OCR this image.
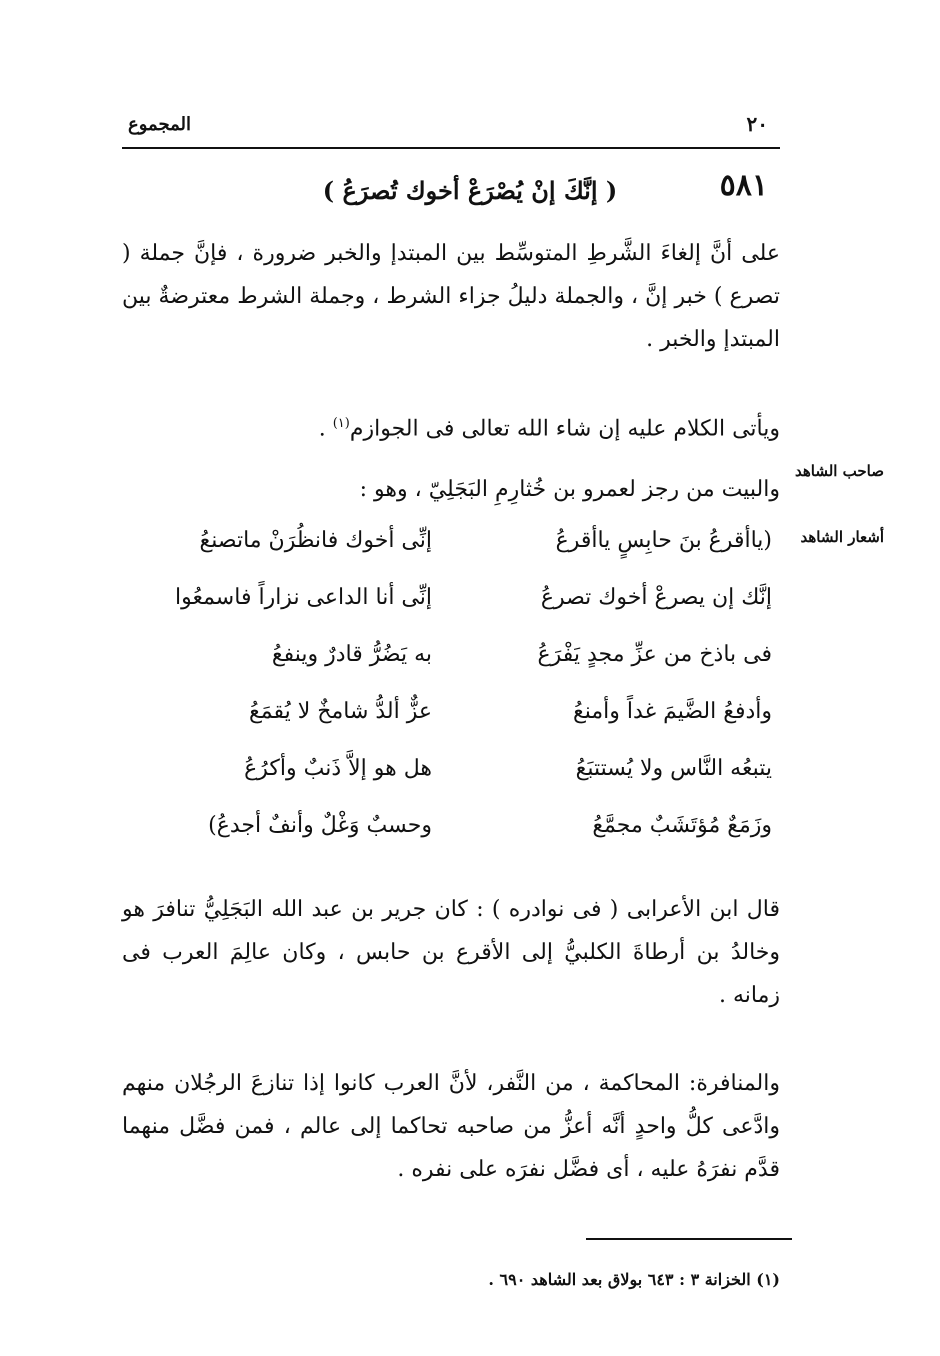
٢٠
المجموع
٥٨١
( إنَّكَ إنْ يُصْرَعْ أخوك تُصرَعُ )
على أنَّ إلغاءَ الشَّرطِ المتوسِّط بين المبتدإ والخبر ضرورة ، فإنَّ جملة ( تصرع ) خبر إنَّ ، والجملة دليلُ جزاء الشرط ، وجملة الشرط معترضةٌ بين المبتدإ والخبر .
ويأتى الكلام عليه إن شاء الله تعالى فى الجوازم$^{(١)}$ .
صاحب الشاهد
والبيت من رجز لعمرو بن خُثارِمِ البَجَلِيّ ، وهو :
أشعار الشاهد
(ياأقرعُ بنَ حابِسٍ ياأقرعُ
إنِّى أخوك فانظُرَنْ ماتصنعُ
إنَّك إن يصرعْ أخوك تصرعُ
إنِّى أنا الداعى نزاراً فاسمعُوا
فى باذخ من عزِّ مجدٍ يَفْرَعُ
به يَضُرُّ قادرٌ وينفعُ
وأدفعُ الضَّيمَ غداً وأمنعُ
عزٌّ ألدُّ شامخٌ لا يُقمَعُ
يتبعُه النَّاس ولا يُستتبَعُ
هل هو إلاَّ ذَنبٌ وأكرُعُ
وزَمَعٌ مُؤتَشَبٌ مجمَّعُ
وحسبٌ وَغْلٌ وأنفٌ أجدعُ)
قال ابن الأعرابى ( فى نوادره ) : كان جرير بن عبد الله البَجَلِيُّ تنافرَ هو وخالدُ بن أرطاةَ الكلبيُّ إلى الأقرع بن حابس ، وكان عالِمَ العرب فى زمانه .
والمنافرة: المحاكمة ، من النَّفر، لأنَّ العرب كانوا إذا تنازعَ الرجُلان منهم وادَّعى كلُّ واحدٍ أنَّه أعزُّ من صاحبه تحاكما إلى عالم ، فمن فضَّل منهما قدَّم نفرَهُ عليه ، أى فضَّل نفرَه على نفره .
(١) الخزانة ٣ : ٦٤٣ بولاق بعد الشاهد ٦٩٠ .
